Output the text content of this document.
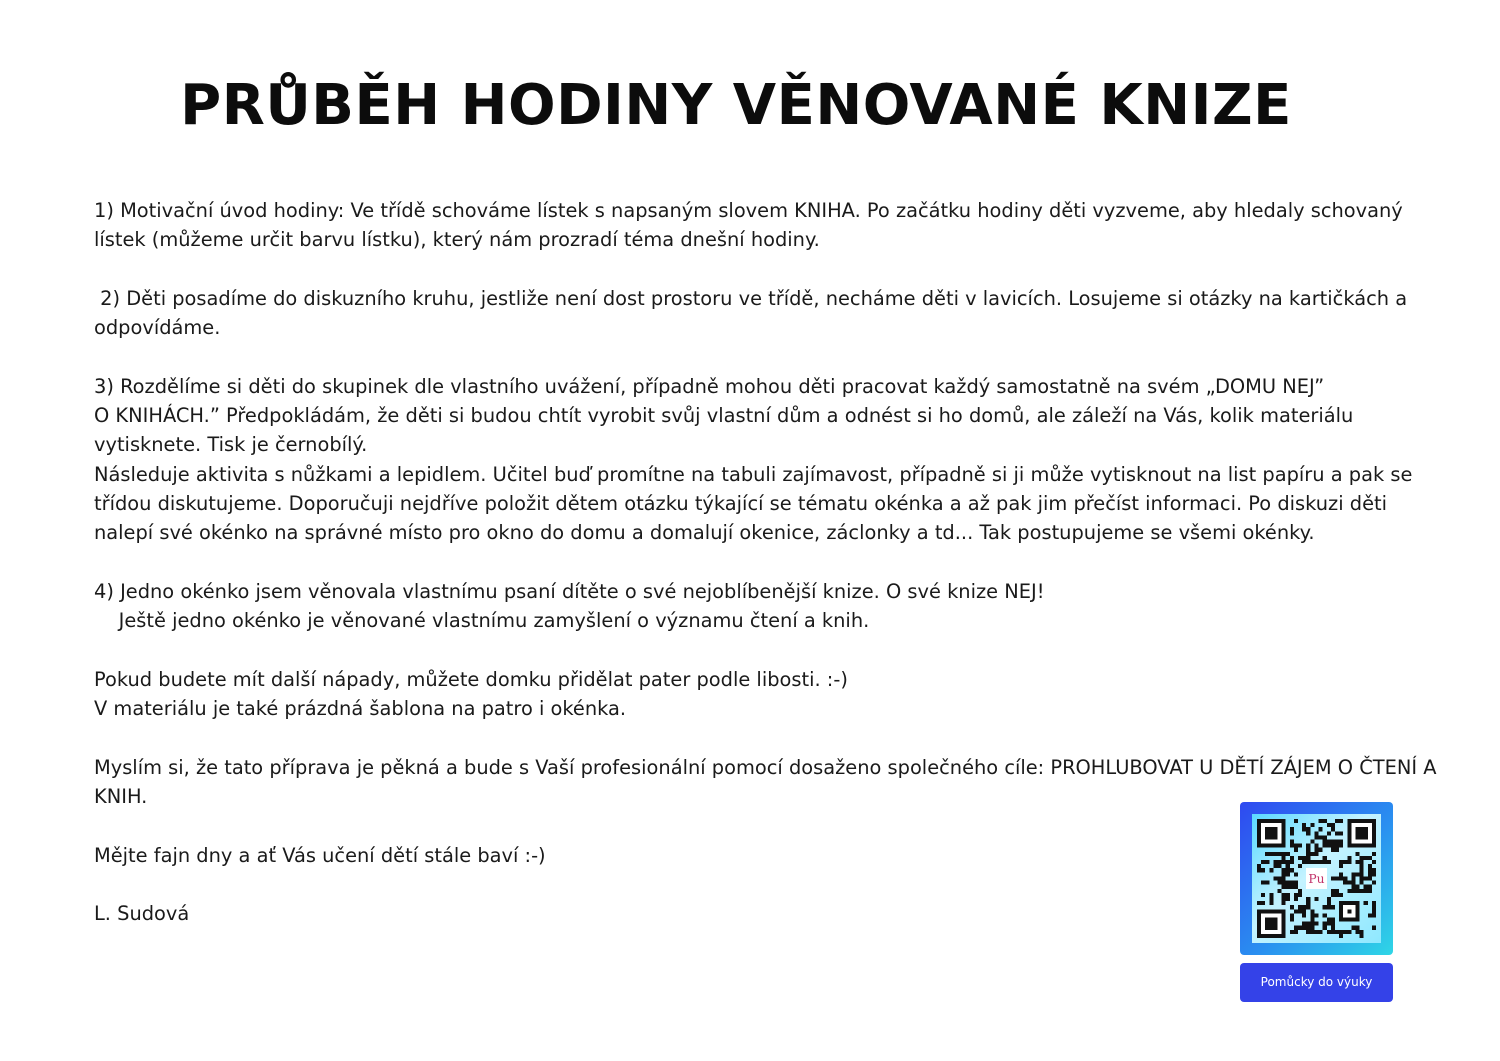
PRŮBĚH HODINY VĚNOVANÉ KNIZE

1) Motivační úvod hodiny: Ve třídě schováme lístek s napsaným slovem KNIHA. Po začátku hodiny děti vyzveme, aby hledaly schovaný lístek (můžeme určit barvu lístku), který nám prozradí téma dnešní hodiny.

2) Děti posadíme do diskuzního kruhu, jestliže není dost prostoru ve třídě, necháme děti v lavicích. Losujeme si otázky na kartičkách a odpovídáme.

3) Rozdělíme si děti do skupinek dle vlastního uvážení, případně mohou děti pracovat každý samostatně na svém „DOMU NEJ”

O KNIHÁCH.” Předpokládám, že děti si budou chtít vyrobit svůj vlastní dům a odnést si ho domů, ale záleží na Vás, kolik materiálu vytisknete. Tisk je černobílý.

Následuje aktivita s nůžkami a lepidlem. Učitel buď promítne na tabuli zajímavost, případně si ji může vytisknout na list papíru a pak se třídou diskutujeme. Doporučuji nejdříve položit dětem otázku týkající se tématu okénka a až pak jim přečíst informaci. Po diskuzi děti nalepí své okénko na správné místo pro okno do domu a domalují okenice, záclonky a td... Tak postupujeme se všemi okénky.

4) Jedno okénko jsem věnovala vlastnímu psaní dítěte o své nejoblíbenější knize. O své knize NEJ!

Ještě jedno okénko je věnované vlastnímu zamyšlení o významu čtení a knih.

Pokud budete mít další nápady, můžete domku přidělat pater podle libosti. :-)

V materiálu je také prázdná šablona na patro i okénka.

Myslím si, že tato příprava je pěkná a bude s Vaší profesionální pomocí dosaženo společného cíle: PROHLUBOVAT U DĚTÍ ZÁJEM O ČTENÍ A KNIH.

Mějte fajn dny a ať Vás učení dětí stále baví :-)

L. Sudová

Pu
Pomůcky do výuky
